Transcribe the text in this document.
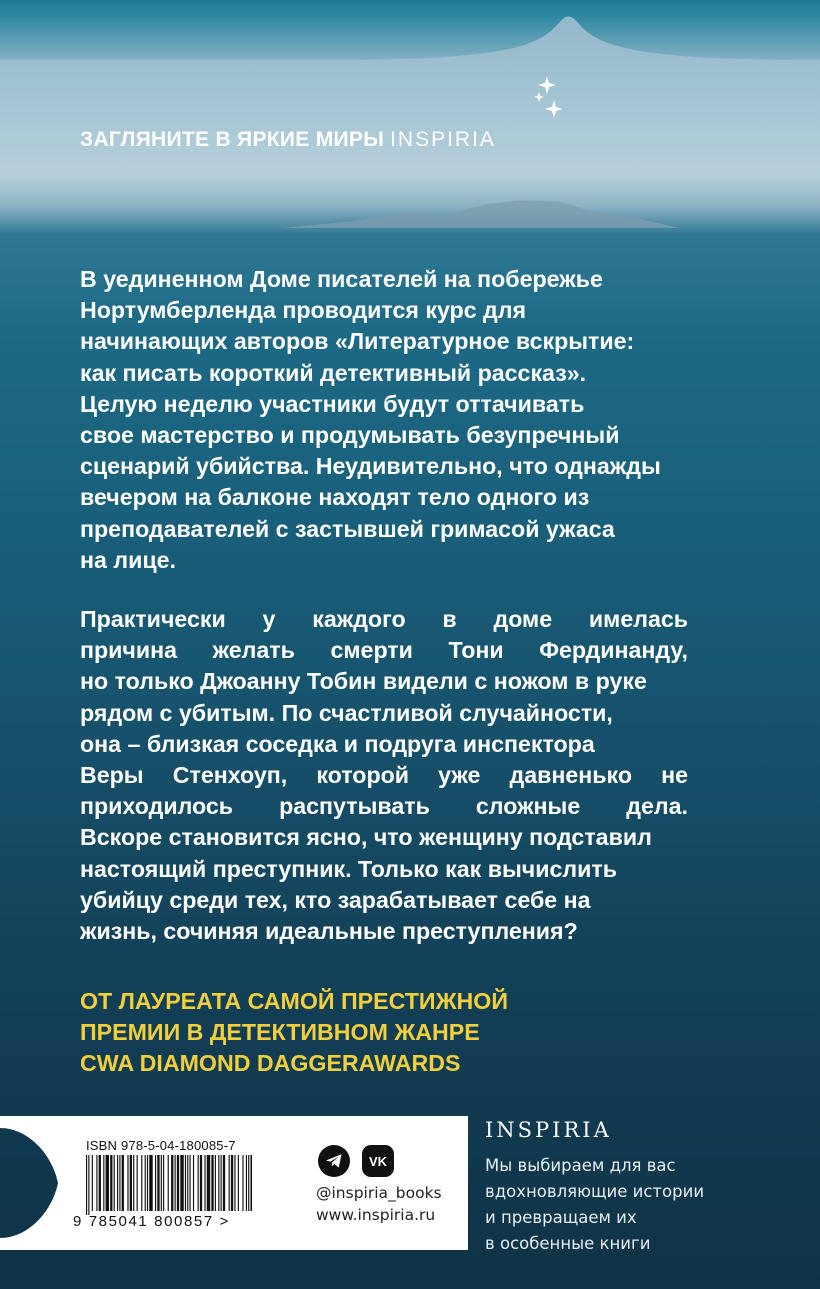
ЗАГЛЯНИТЕ В ЯРКИЕ МИРЫ INSPIRIA
В уединенном Доме писателей на побережье
Нортумберленда проводится курс для
начинающих авторов «Литературное вскрытие:
как писать короткий детективный рассказ».
Целую неделю участники будут оттачивать
свое мастерство и продумывать безупречный
сценарий убийства. Неудивительно, что однажды
вечером на балконе находят тело одного из
преподавателей с застывшей гримасой ужаса
на лице.
Практически у каждого в доме имелась
причина желать смерти Тони Фердинанду,
но только Джоанну Тобин видели с ножом в руке
рядом с убитым. По счастливой случайности,
она – близкая соседка и подруга инспектора
Веры Стенхоуп, которой уже давненько не
приходилось распутывать сложные дела.
Вскоре становится ясно, что женщину подставил
настоящий преступник. Только как вычислить
убийцу среди тех, кто зарабатывает себе на
жизнь, сочиняя идеальные преступления?
ОТ ЛАУРЕАТА САМОЙ ПРЕСТИЖНОЙ
ПРЕМИИ В ДЕТЕКТИВНОМ ЖАНРЕ
CWA DIAMOND DAGGERAWARDS
ISBN 978-5-04-180085-7
9 785041 800857 >
VK
@inspiria_books
www.inspiria.ru
INSPIRIA
Мы выбираем для вас
вдохновляющие истории
и превращаем их
в особенные книги
